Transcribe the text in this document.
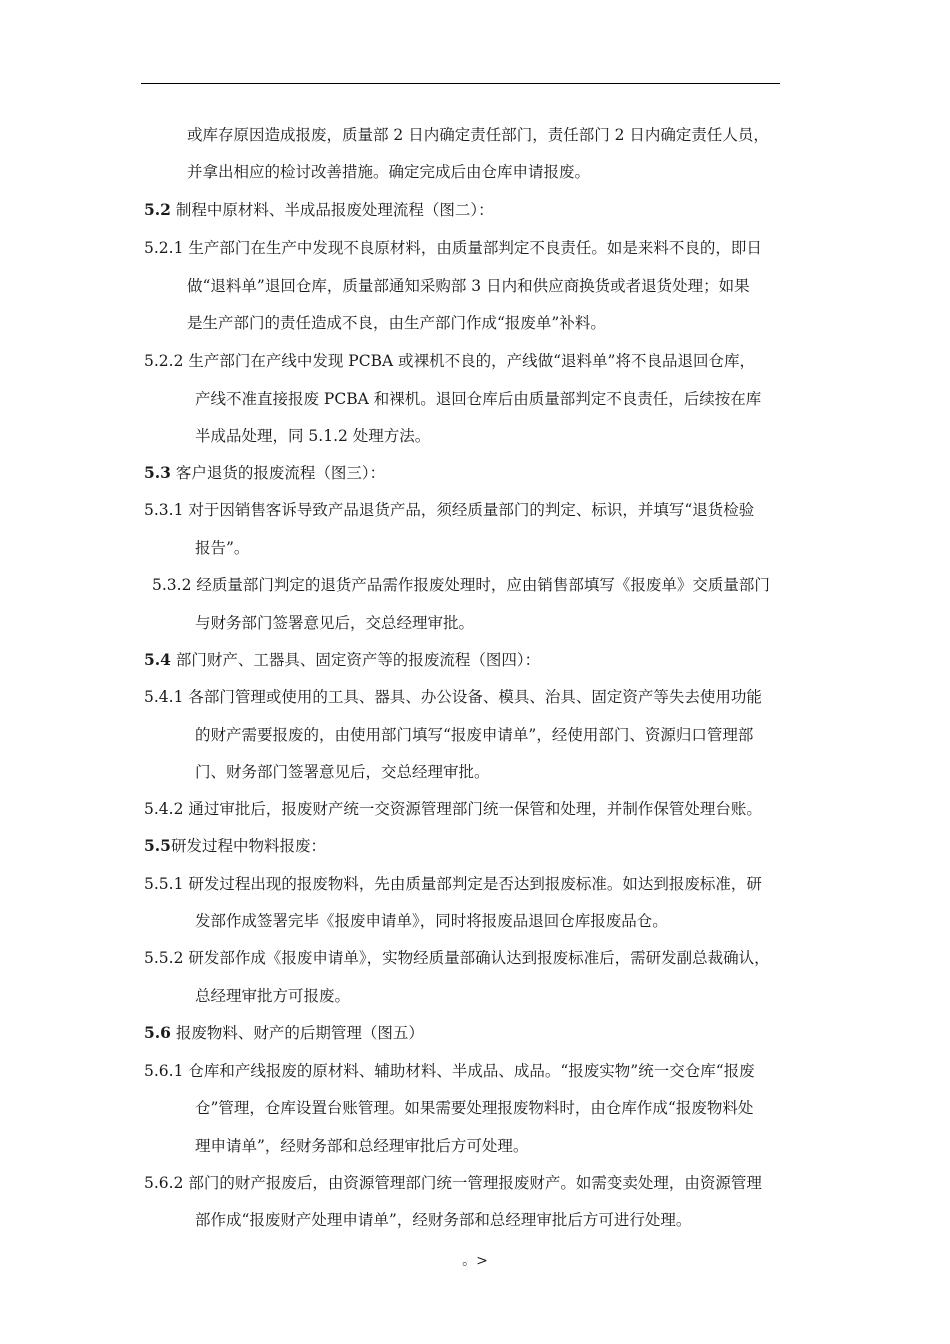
或库存原因造成报废，质量部 2 日内确定责任部门，责任部门 2 日内确定责任人员，
并拿出相应的检讨改善措施。确定完成后由仓库申请报废。
5.2 制程中原材料、半成品报废处理流程（图二）：
5.2.1 生产部门在生产中发现不良原材料，由质量部判定不良责任。如是来料不良的，即日
做“退料单”退回仓库，质量部通知采购部 3 日内和供应商换货或者退货处理；如果
是生产部门的责任造成不良，由生产部门作成“报废单”补料。
5.2.2 生产部门在产线中发现 PCBA 或裸机不良的，产线做“退料单”将不良品退回仓库，
产线不准直接报废 PCBA 和裸机。退回仓库后由质量部判定不良责任，后续按在库
半成品处理，同 5.1.2 处理方法。
5.3 客户退货的报废流程（图三）：
5.3.1 对于因销售客诉导致产品退货产品，须经质量部门的判定、标识，并填写“退货检验
报告”。
5.3.2 经质量部门判定的退货产品需作报废处理时，应由销售部填写《报废单》交质量部门
与财务部门签署意见后，交总经理审批。
5.4 部门财产、工器具、固定资产等的报废流程（图四）：
5.4.1 各部门管理或使用的工具、器具、办公设备、模具、治具、固定资产等失去使用功能
的财产需要报废的，由使用部门填写“报废申请单”，经使用部门、资源归口管理部
门、财务部门签署意见后，交总经理审批。
5.4.2 通过审批后，报废财产统一交资源管理部门统一保管和处理，并制作保管处理台账。
5.5研发过程中物料报废：
5.5.1 研发过程出现的报废物料，先由质量部判定是否达到报废标准。如达到报废标准，研
发部作成签署完毕《报废申请单》，同时将报废品退回仓库报废品仓。
5.5.2 研发部作成《报废申请单》，实物经质量部确认达到报废标准后，需研发副总裁确认，
总经理审批方可报废。
5.6 报废物料、财产的后期管理（图五）
5.6.1 仓库和产线报废的原材料、辅助材料、半成品、成品。“报废实物”统一交仓库“报废
仓”管理，仓库设置台账管理。如果需要处理报废物料时，由仓库作成“报废物料处
理申请单”，经财务部和总经理审批后方可处理。
5.6.2 部门的财产报废后，由资源管理部门统一管理报废财产。如需变卖处理，由资源管理
部作成“报废财产处理申请单”，经财务部和总经理审批后方可进行处理。
。>
